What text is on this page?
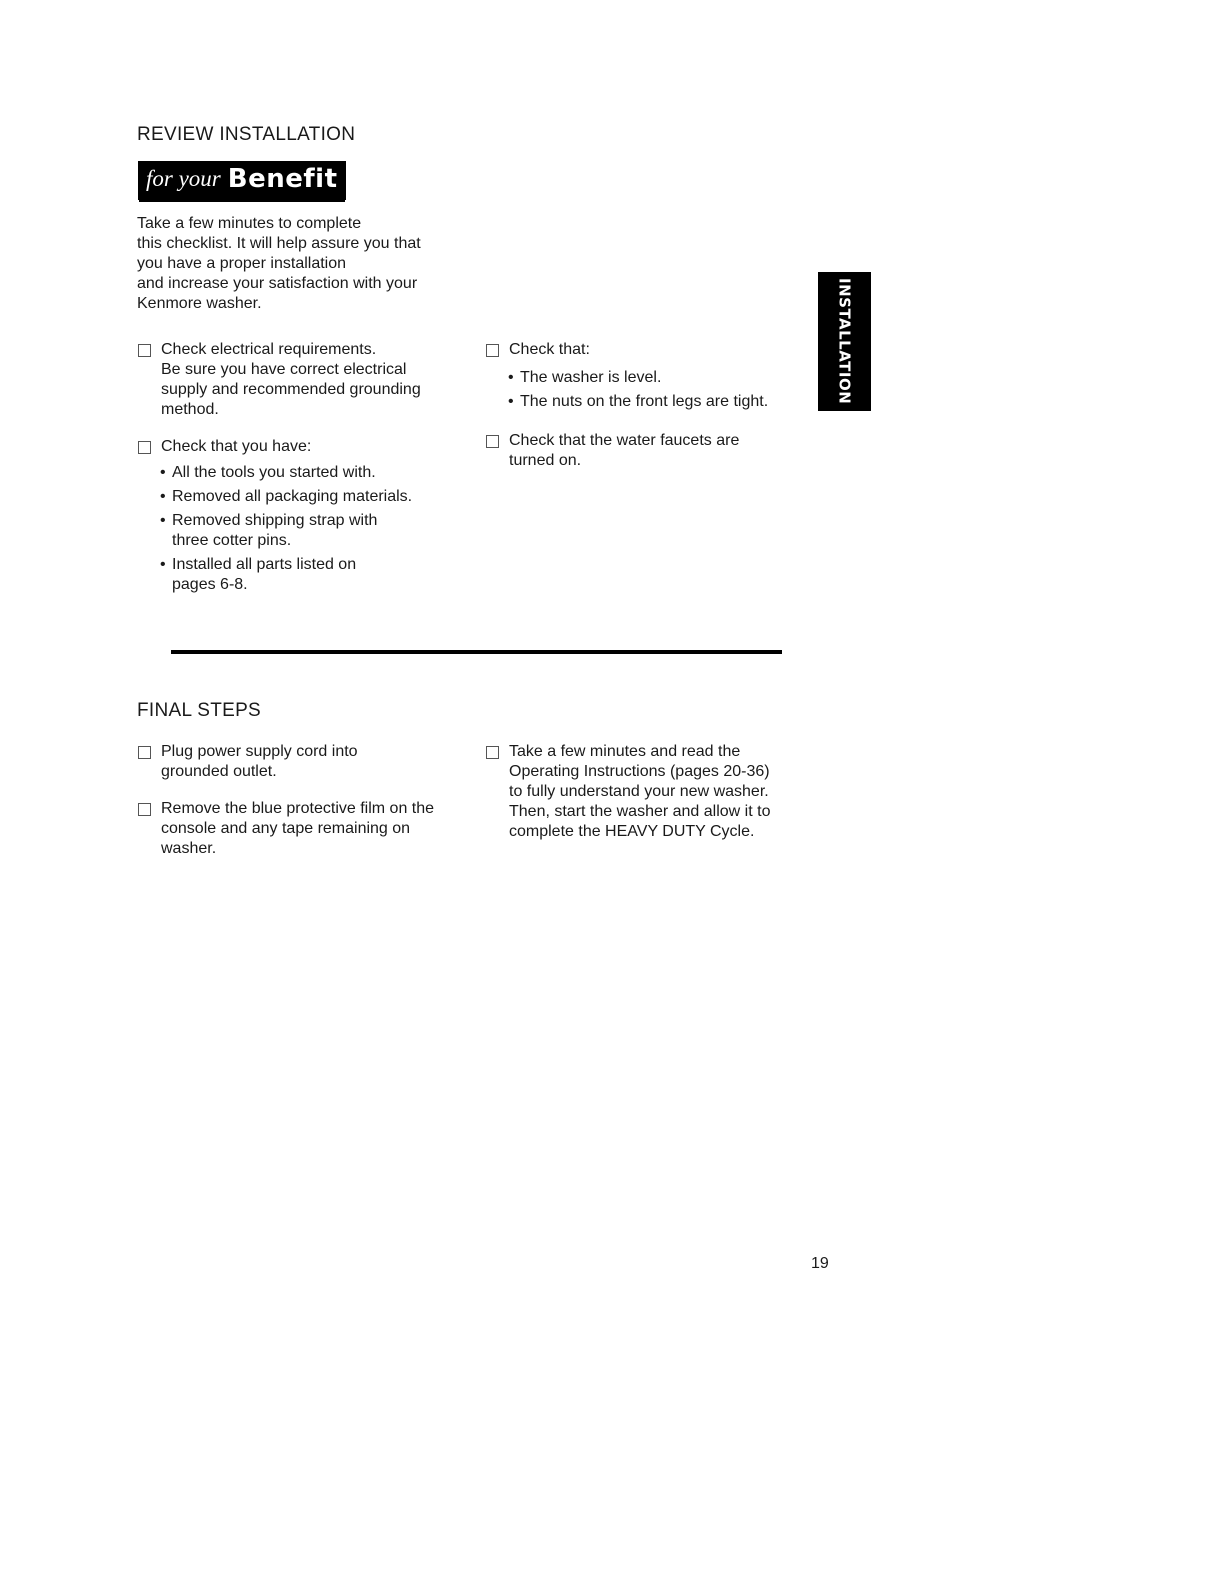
REVIEW INSTALLATION
for your Benefit
Take a few minutes to complete
this checklist. It will help assure you that
you have a proper installation
and increase your satisfaction with your
Kenmore washer.
Check electrical requirements.
Be sure you have correct electrical
supply and recommended grounding
method.
Check that you have:
• All the tools you started with.
• Removed all packaging materials.
• Removed shipping strap with
three cotter pins.
• Installed all parts listed on
pages 6-8.
Check that:
• The washer is level.
• The nuts on the front legs are tight.
Check that the water faucets are
turned on.
INSTALLATION
FINAL STEPS
Plug power supply cord into
grounded outlet.
Remove the blue protective film on the
console and any tape remaining on
washer.
Take a few minutes and read the
Operating Instructions (pages 20-36)
to fully understand your new washer.
Then, start the washer and allow it to
complete the HEAVY DUTY Cycle.
19
